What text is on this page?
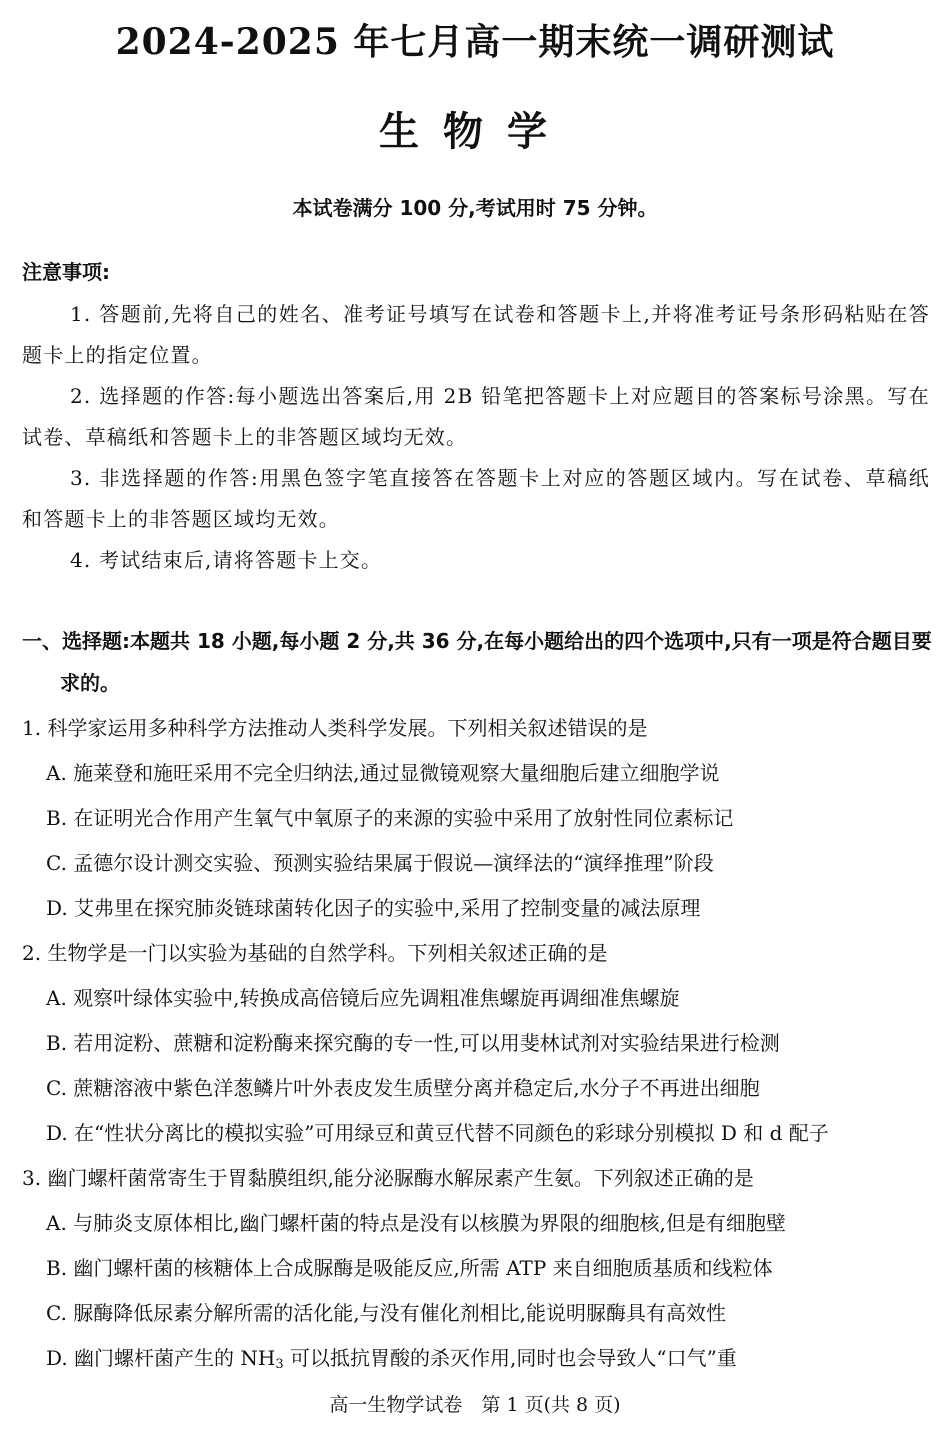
2024-2025 年七月高一期末统一调研测试
生物学
本试卷满分 100 分,考试用时 75 分钟。
注意事项:

1. 答题前,先将自己的姓名、准考证号填写在试卷和答题卡上,并将准考证号条形码粘贴在答题卡上的指定位置。

2. 选择题的作答:每小题选出答案后,用 2B 铅笔把答题卡上对应题目的答案标号涂黑。写在试卷、草稿纸和答题卡上的非答题区域均无效。

3. 非选择题的作答:用黑色签字笔直接答在答题卡上对应的答题区域内。写在试卷、草稿纸和答题卡上的非答题区域均无效。

4. 考试结束后,请将答题卡上交。

一、选择题:本题共 18 小题,每小题 2 分,共 36 分,在每小题给出的四个选项中,只有一项是符合题目要求的。
1. 科学家运用多种科学方法推动人类科学发展。下列相关叙述错误的是
A. 施莱登和施旺采用不完全归纳法,通过显微镜观察大量细胞后建立细胞学说
B. 在证明光合作用产生氧气中氧原子的来源的实验中采用了放射性同位素标记
C. 孟德尔设计测交实验、预测实验结果属于假说—演绎法的“演绎推理”阶段
D. 艾弗里在探究肺炎链球菌转化因子的实验中,采用了控制变量的减法原理
2. 生物学是一门以实验为基础的自然学科。下列相关叙述正确的是
A. 观察叶绿体实验中,转换成高倍镜后应先调粗准焦螺旋再调细准焦螺旋
B. 若用淀粉、蔗糖和淀粉酶来探究酶的专一性,可以用斐林试剂对实验结果进行检测
C. 蔗糖溶液中紫色洋葱鳞片叶外表皮发生质壁分离并稳定后,水分子不再进出细胞
D. 在“性状分离比的模拟实验”可用绿豆和黄豆代替不同颜色的彩球分别模拟 D 和 d 配子
3. 幽门螺杆菌常寄生于胃黏膜组织,能分泌脲酶水解尿素产生氨。下列叙述正确的是
A. 与肺炎支原体相比,幽门螺杆菌的特点是没有以核膜为界限的细胞核,但是有细胞壁
B. 幽门螺杆菌的核糖体上合成脲酶是吸能反应,所需 ATP 来自细胞质基质和线粒体
C. 脲酶降低尿素分解所需的活化能,与没有催化剂相比,能说明脲酶具有高效性
D. 幽门螺杆菌产生的 $NH_3$ 可以抵抗胃酸的杀灭作用,同时也会导致人“口气”重
高一生物学试卷　第 1 页(共 8 页)
